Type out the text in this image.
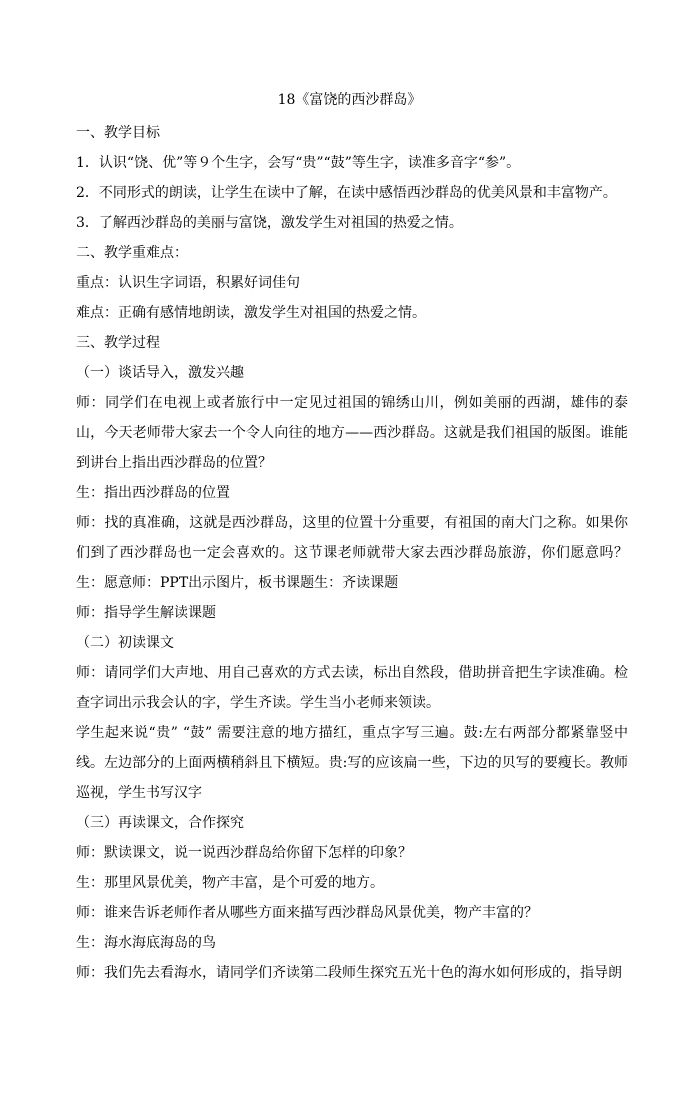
18《富饶的西沙群岛》

一、教学目标

1．认识“饶、优”等９个生字，会写“贵”“鼓”等生字，读准多音字“参”。

2．不同形式的朗读，让学生在读中了解，在读中感悟西沙群岛的优美风景和丰富物产。

3．了解西沙群岛的美丽与富饶，激发学生对祖国的热爱之情。

二、教学重难点：

重点：认识生字词语，积累好词佳句

难点：正确有感情地朗读，激发学生对祖国的热爱之情。

三、教学过程

（一）谈话导入，激发兴趣

师：同学们在电视上或者旅行中一定见过祖国的锦绣山川，例如美丽的西湖，雄伟的泰山，今天老师带大家去一个令人向往的地方——西沙群岛。这就是我们祖国的版图。谁能到讲台上指出西沙群岛的位置？

生：指出西沙群岛的位置

师：找的真准确，这就是西沙群岛，这里的位置十分重要，有祖国的南大门之称。如果你们到了西沙群岛也一定会喜欢的。这节课老师就带大家去西沙群岛旅游，你们愿意吗？生：愿意师：PPT出示图片，板书课题生：齐读课题

师：指导学生解读课题

（二）初读课文

师：请同学们大声地、用自己喜欢的方式去读，标出自然段，借助拼音把生字读准确。检查字词出示我会认的字，学生齐读。学生当小老师来领读。

学生起来说“贵” “鼓” 需要注意的地方描红，重点字写三遍。鼓:左右两部分都紧靠竖中线。左边部分的上面两横稍斜且下横短。贵:写的应该扁一些，下边的贝写的要瘦长。教师巡视，学生书写汉字

（三）再读课文，合作探究

师：默读课文，说一说西沙群岛给你留下怎样的印象？

生：那里风景优美，物产丰富，是个可爱的地方。

师：谁来告诉老师作者从哪些方面来描写西沙群岛风景优美，物产丰富的？

生：海水海底海岛的鸟

师：我们先去看海水，请同学们齐读第二段师生探究五光十色的海水如何形成的，指导朗
